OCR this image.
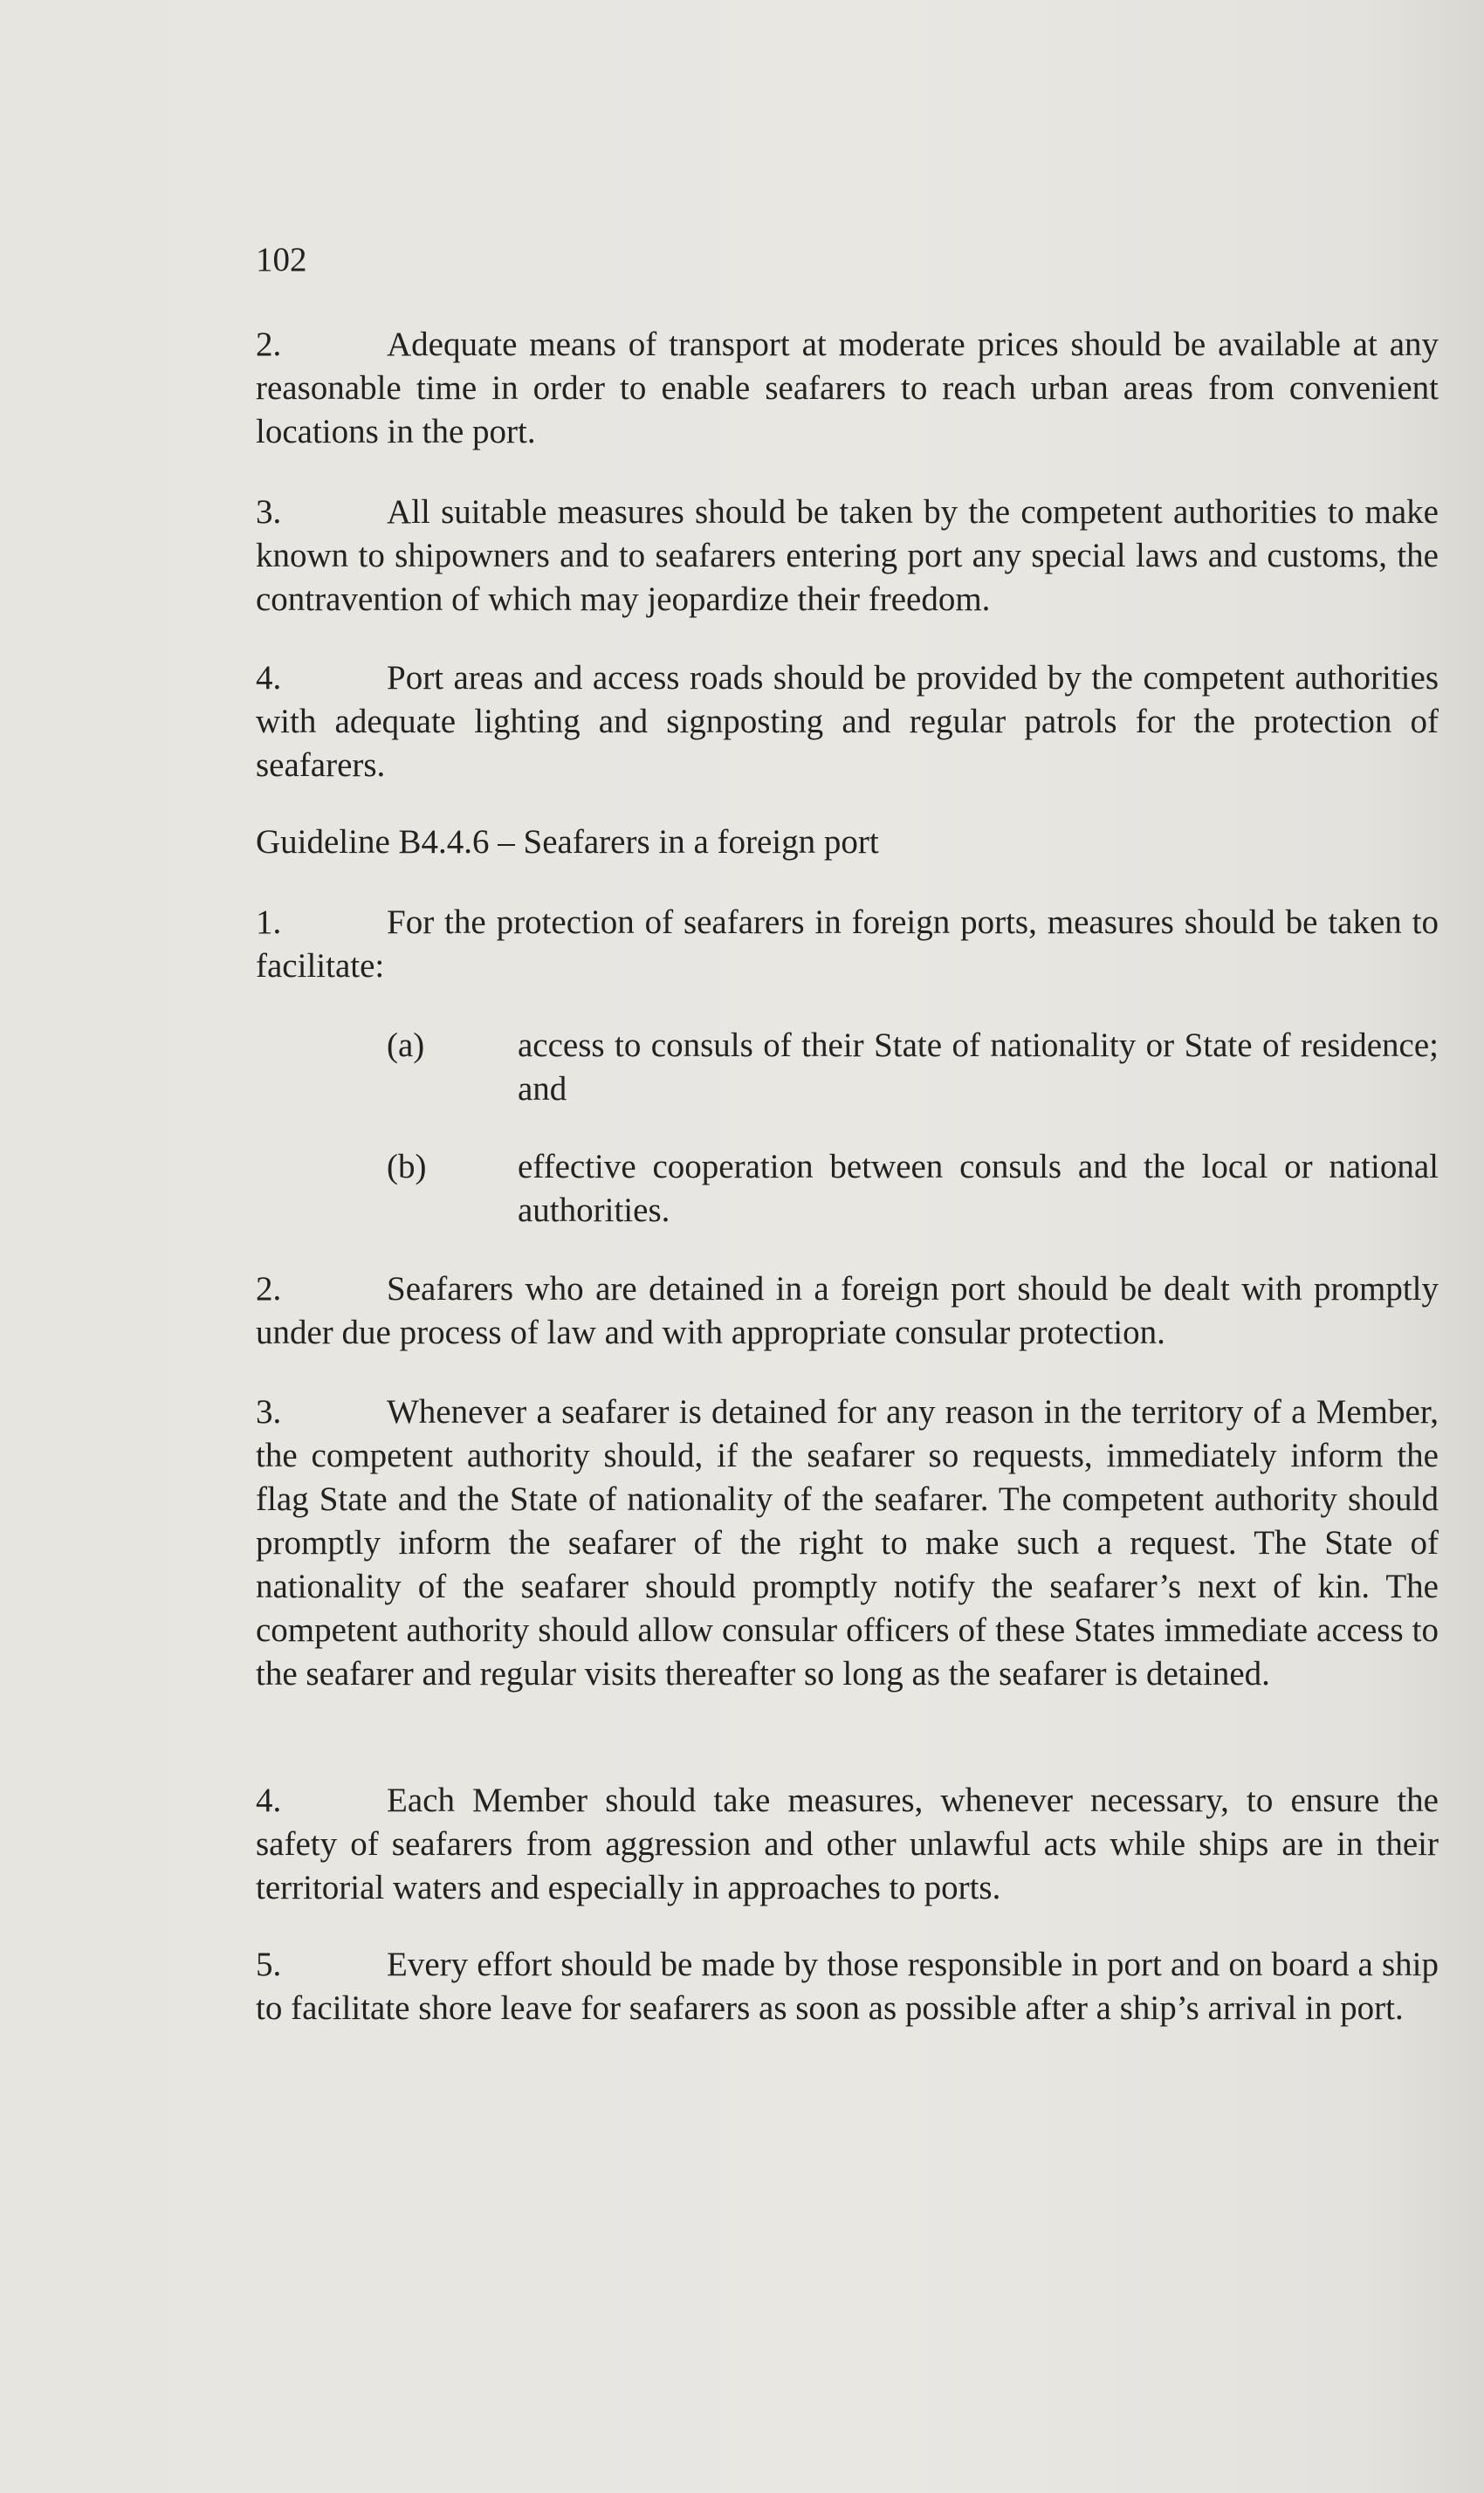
102

2.	Adequate means of transport at moderate prices should be available at any reasonable time in order to enable seafarers to reach urban areas from convenient locations in the port.

3.	All suitable measures should be taken by the competent authorities to make known to shipowners and to seafarers entering port any special laws and customs, the contravention of which may jeopardize their freedom.

4.	Port areas and access roads should be provided by the competent authorities with adequate lighting and signposting and regular patrols for the protection of seafarers.

Guideline B4.4.6 – Seafarers in a foreign port

1.	For the protection of seafarers in foreign ports, measures should be taken to facilitate:

(a)	access to consuls of their State of nationality or State of residence; and
(b)	effective cooperation between consuls and the local or national authorities.

2.	Seafarers who are detained in a foreign port should be dealt with promptly under due process of law and with appropriate consular protection.

3.	Whenever a seafarer is detained for any reason in the territory of a Member, the competent authority should, if the seafarer so requests, immediately inform the flag State and the State of nationality of the seafarer. The competent authority should promptly inform the seafarer of the right to make such a request. The State of nationality of the seafarer should promptly notify the seafarer’s next of kin. The competent authority should allow consular officers of these States immediate access to the seafarer and regular visits thereafter so long as the seafarer is detained.

4.	Each Member should take measures, whenever necessary, to ensure the safety of seafarers from aggression and other unlawful acts while ships are in their territorial waters and especially in approaches to ports.

5.	Every effort should be made by those responsible in port and on board a ship to facilitate shore leave for seafarers as soon as possible after a ship’s arrival in port.
